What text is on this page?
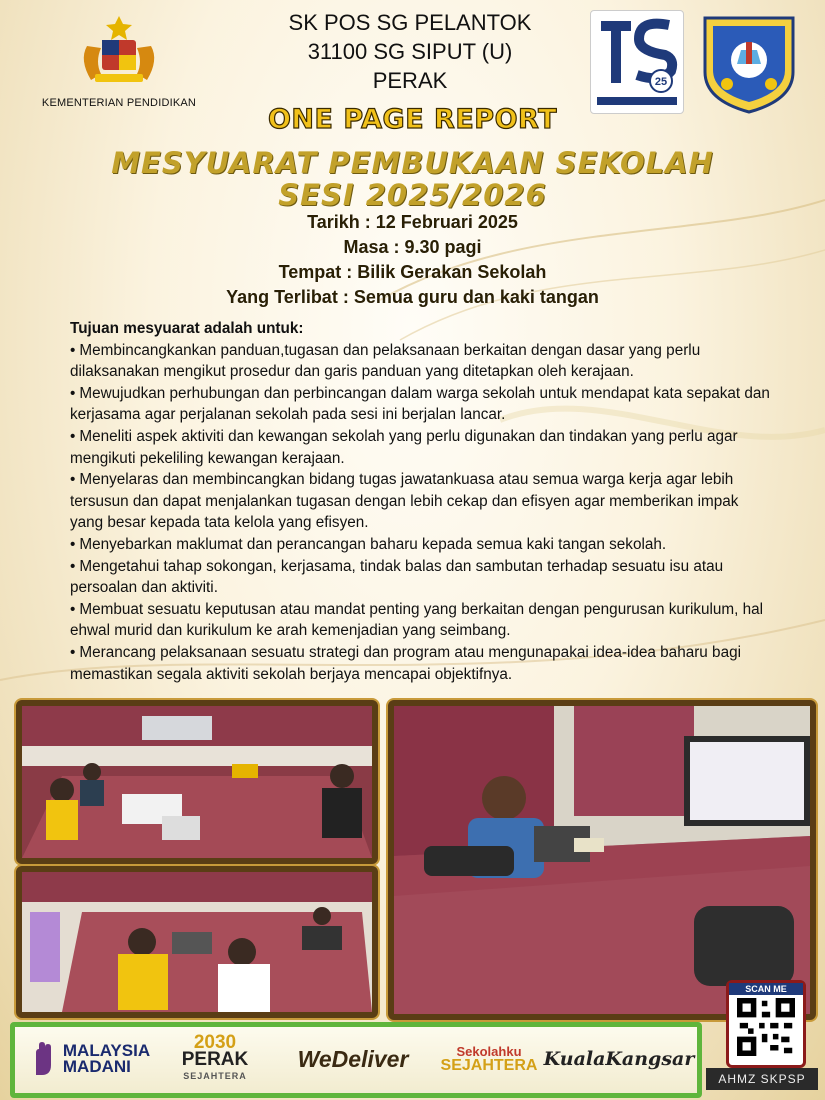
KEMENTERIAN PENDIDIKAN
SK POS SG PELANTOK
31100 SG SIPUT (U)
PERAK	25
ONE PAGE REPORT
MESYUARAT PEMBUKAAN SEKOLAH
SESI 2025/2026
Tarikh : 12 Februari 2025
Masa : 9.30 pagi
Tempat : Bilik Gerakan Sekolah
Yang Terlibat : Semua guru dan kaki tangan

Tujuan mesyuarat adalah untuk:

• Membincangkankan panduan,tugasan dan pelaksanaan berkaitan dengan dasar yang perlu dilaksanakan mengikut prosedur dan garis panduan yang ditetapkan oleh kerajaan.

• Mewujudkan perhubungan dan perbincangan dalam warga sekolah untuk mendapat kata sepakat dan kerjasama agar perjalanan sekolah pada sesi ini berjalan lancar.

• Meneliti aspek aktiviti dan kewangan sekolah yang perlu digunakan dan tindakan yang perlu agar mengikuti pekeliling kewangan kerajaan.

• Menyelaras dan membincangkan bidang tugas jawatankuasa atau semua warga kerja agar lebih tersusun dan dapat menjalankan tugasan dengan lebih cekap dan efisyen agar memberikan impak yang besar kepada tata kelola yang efisyen.

• Menyebarkan maklumat dan perancangan baharu kepada semua kaki tangan sekolah.

• Mengetahui tahap sokongan, kerjasama, tindak balas dan sambutan terhadap sesuatu isu atau persoalan dan aktiviti.

• Membuat sesuatu keputusan atau mandat penting yang berkaitan dengan pengurusan kurikulum, hal ehwal murid dan kurikulum ke arah kemenjadian yang seimbang.

• Merancang pelaksanaan sesuatu strategi dan program atau mengunapakai idea-idea baharu bagi memastikan segala aktiviti sekolah berjaya mencapai objektifnya.

SCAN ME
AHMZ SKPSP
MALAYSIA
MADANI
2030
PERAK
SEJAHTERA
WeDeliver	Sekolahku
SEJAHTERA KualaKangsar
